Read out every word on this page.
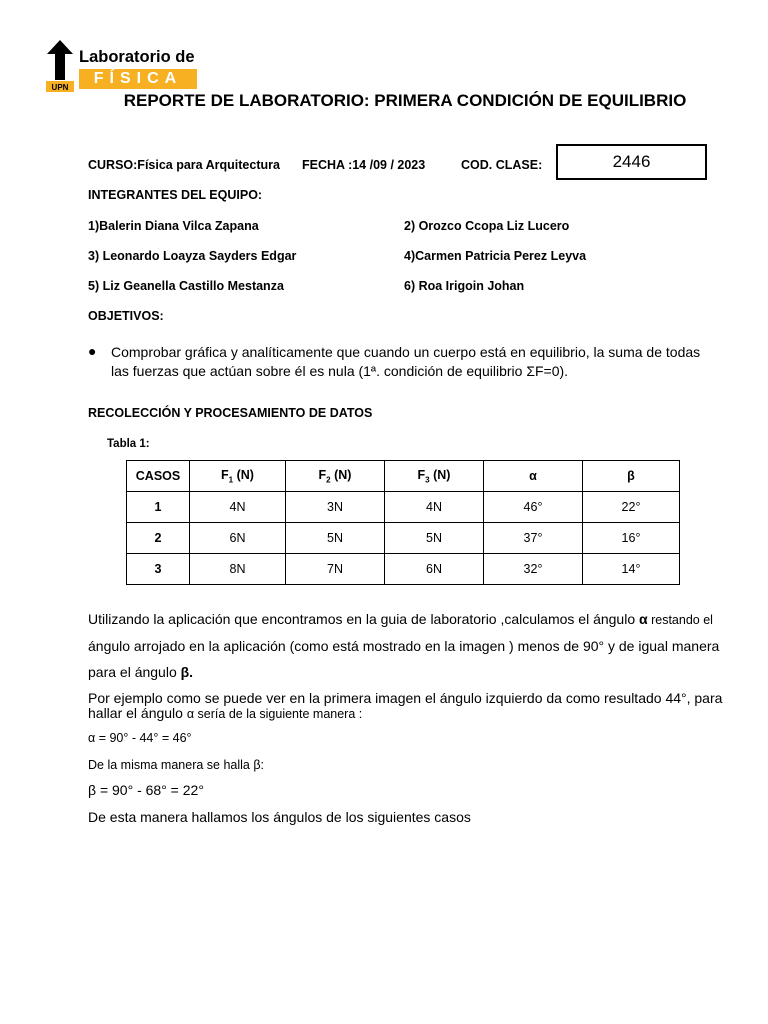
UPN
Laboratorio de
FÍSICA
REPORTE DE LABORATORIO: PRIMERA CONDICIÓN DE EQUILIBRIO
CURSO:Física para Arquitectura FECHA :14 /09 / 2023	COD. CLASE:	2446
INTEGRANTES DEL EQUIPO:
1)Balerin Diana Vilca Zapana	2) Orozco Ccopa Liz Lucero
3) Leonardo Loayza Sayders Edgar	4)Carmen Patricia Perez Leyva
5) Liz Geanella Castillo Mestanza	6) Roa Irigoin Johan
OBJETIVOS:
● Comprobar gráfica y analíticamente que cuando un cuerpo está en equilibrio, la suma de todas las fuerzas que actúan sobre él es nula (1ª. condición de equilibrio ΣF=0).
RECOLECCIÓN Y PROCESAMIENTO DE DATOS
Tabla 1:
CASOS	$F_1$ (N)	$F_2$ (N)	$F_3$ (N)	α	β
1	4N	3N	4N	46°	22°
2	6N	5N	5N	37°	16°
3	8N	7N	6N	32°	14°
Utilizando la aplicación que encontramos en la guia de laboratorio ,calculamos el ángulo α restando el
ángulo arrojado en la aplicación (como está mostrado en la imagen ) menos de 90° y de igual manera
para el ángulo β.
Por ejemplo como se puede ver en la primera imagen el ángulo izquierdo da como resultado 44°, para
hallar el ángulo α sería de la siguiente manera :
α = 90° - 44° = 46°
De la misma manera se halla β:
β = 90° - 68° = 22°
De esta manera hallamos los ángulos de los siguientes casos
